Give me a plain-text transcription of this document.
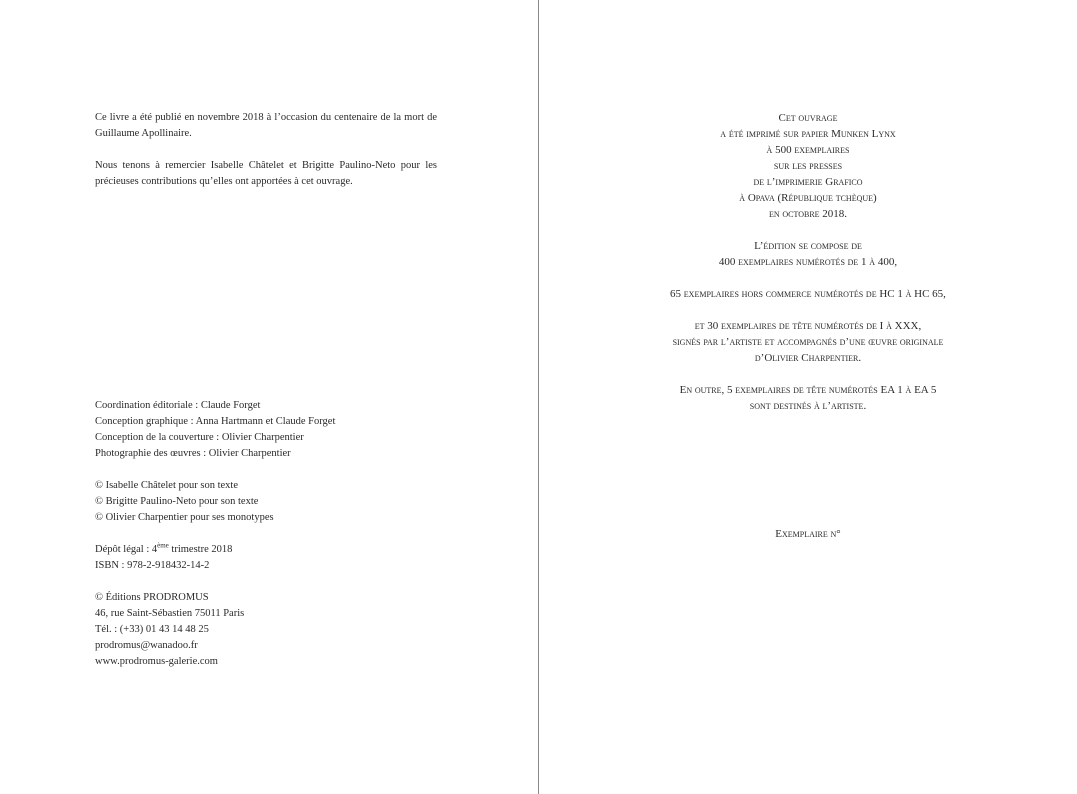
Ce livre a été publié en novembre 2018 à l’occasion du centenaire de la mort de Guillaume Apollinaire.

Nous tenons à remercier Isabelle Châtelet et Brigitte Paulino-Neto pour les précieuses contributions qu’elles ont apportées à cet ouvrage.

Coordination éditoriale : Claude Forget
Conception graphique : Anna Hartmann et Claude Forget
Conception de la couverture : Olivier Charpentier
Photographie des œuvres : Olivier Charpentier
© Isabelle Châtelet pour son texte
© Brigitte Paulino-Neto pour son texte
© Olivier Charpentier pour ses monotypes
Dépôt légal : 4ème trimestre 2018
ISBN : 978-2-918432-14-2
© Éditions PRODROMUS
46, rue Saint-Sébastien 75011 Paris
Tél. : (+33) 01 43 14 48 25
prodromus@wanadoo.fr
www.prodromus-galerie.com
Cet ouvrage
a été imprimé sur papier Munken Lynx
à 500 exemplaires
sur les presses
de l’imprimerie Grafico
à Opava (République tchèque)
en octobre 2018.
L’édition se compose de
400 exemplaires numérotés de 1 à 400,
65 exemplaires hors commerce numérotés de HC 1 à HC 65,
et 30 exemplaires de tête numérotés de I à XXX,
signés par l’artiste et accompagnés d’une œuvre originale
d’Olivier Charpentier.
En outre, 5 exemplaires de tête numérotés EA 1 à EA 5
sont destinés à l’artiste.
Exemplaire n°
